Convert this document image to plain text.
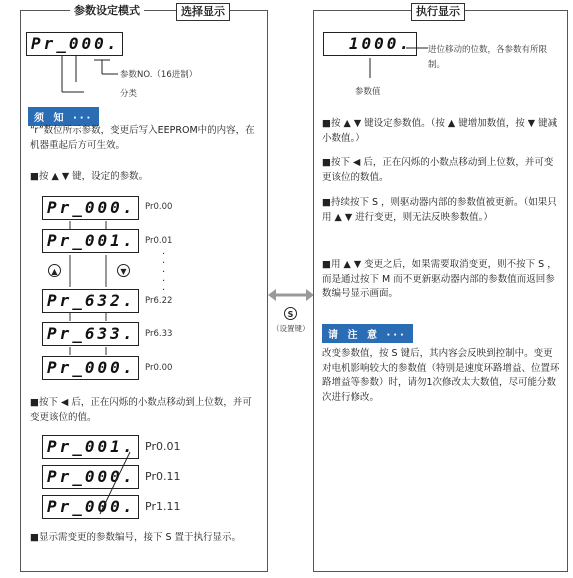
参数设定模式	选择显示
Pr_000.
参数NO.（16进制）
分类
须 知 ···
“r”数位所示参数，变更后写入EEPROM中的内容，在机器重起后方可生效。
■按 ▲ ▼ 键，设定的参数。
Pr_000.	Pr0.00
Pr_001.	Pr0.01
▲	▼
·
·
·
·
·
Pr_632.	Pr6.22
Pr_633.	Pr6.33
Pr_000.	Pr0.00
■按下 ◀ 后，正在闪烁的小数点移动到上位数，并可变更该位的值。
Pr_001. Pr0.01
Pr_000. Pr0.11
Pr_000. Pr1.11
■显示需变更的参数编号，接下 S 置于执行显示。
S
（设置键）
执行显示
1000.	进位移动的位数，各参数有所限制。
参数值
■按 ▲ ▼ 键设定参数值。（按 ▲ 键增加数值，按 ▼ 键减小数值。）
■按下 ◀ 后，正在闪烁的小数点移动到上位数，并可变更该位的数值。
■持续按下 S ，则驱动器内部的参数值被更新。（如果只用 ▲ ▼ 进行变更，则无法反映参数值。）
■用 ▲ ▼ 变更之后，如果需要取消变更，则不按下 S ，而是通过按下 M 而不更新驱动器内部的参数值而返回参数编号显示画面。
请 注 意 ···
改变参数值，按 S 键后，其内容会反映到控制中。变更对电机影响较大的参数值（特别是速度环路增益、位置环路增益等参数）时，请勿1次修改太大数值，尽可能分数次进行修改。
